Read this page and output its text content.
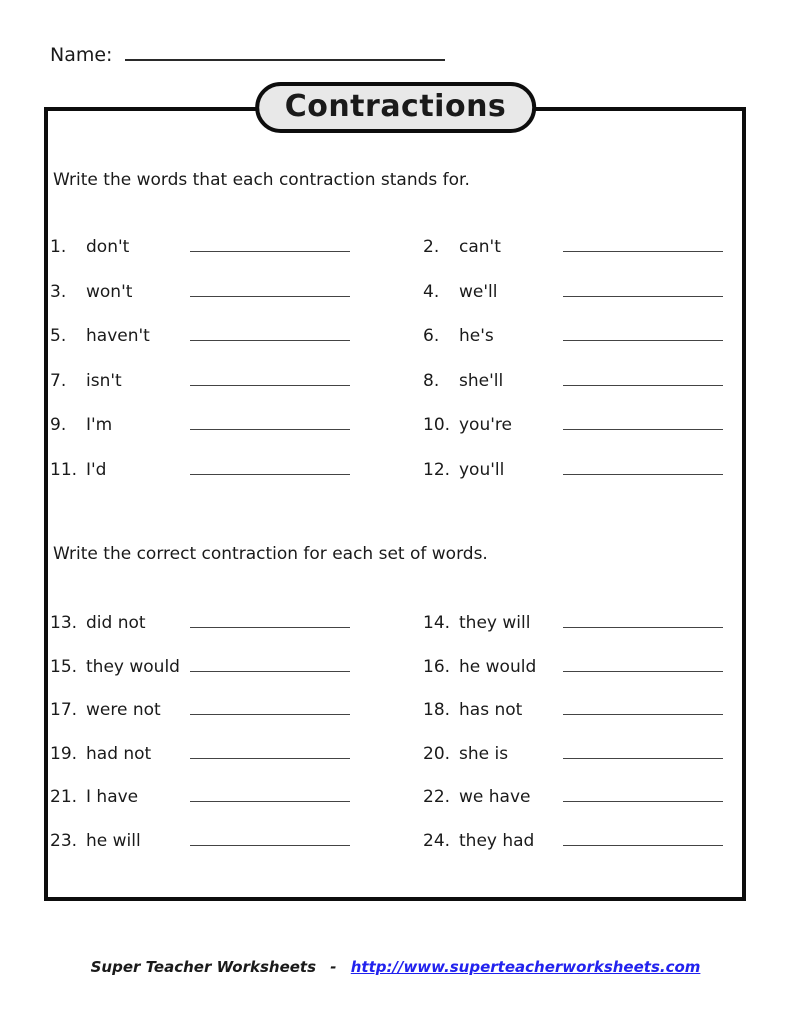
Name:
Contractions
Write the words that each contraction stands for.
1.	don't	2.	can't
3.	won't	4.	we'll
5.	haven't	6.	he's
7.	isn't	8.	she'll
9.	I'm	10. you're
11. I'd	12. you'll
Write the correct contraction for each set of words.
13. did not	14. they will
15. they would	16. he would
17. were not	18. has not
19. had not	20. she is
21. I have	22. we have
23. he will	24. they had
Super Teacher Worksheets - http://www.superteacherworksheets.com
